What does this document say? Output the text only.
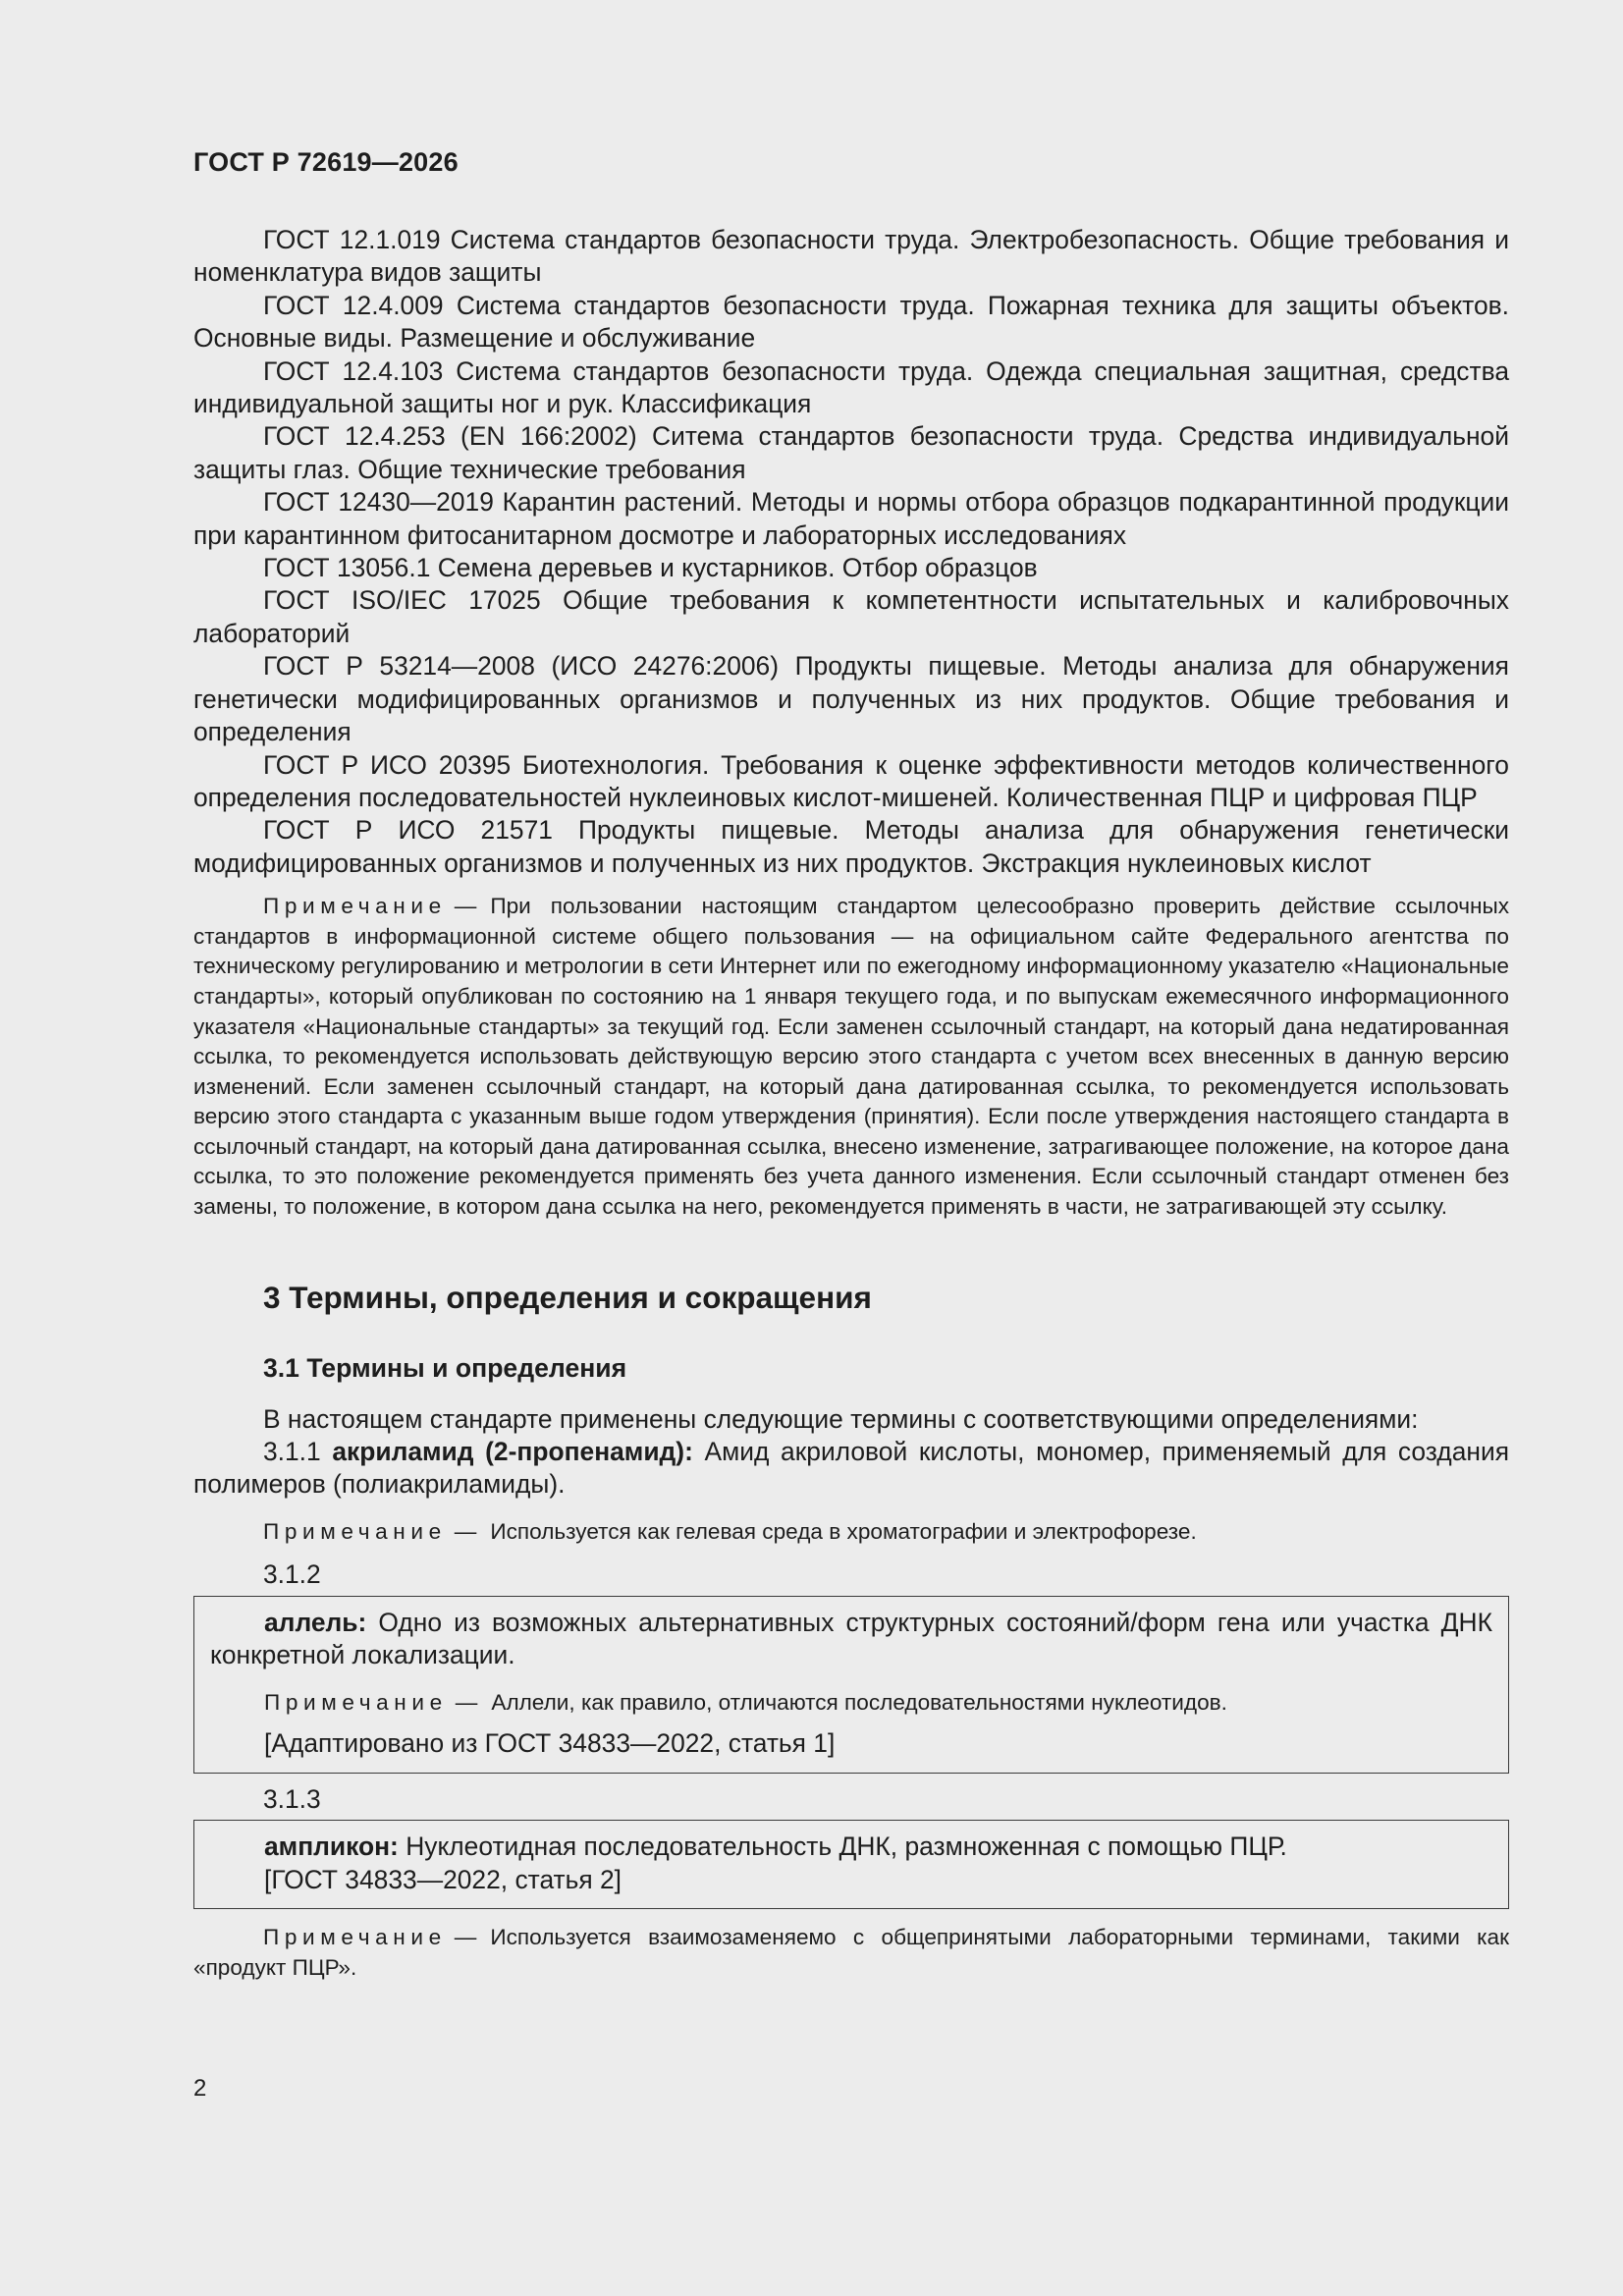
ГОСТ Р 72619—2026

ГОСТ 12.1.019 Система стандартов безопасности труда. Электробезопасность. Общие требования и номенклатура видов защиты

ГОСТ 12.4.009 Система стандартов безопасности труда. Пожарная техника для защиты объектов. Основные виды. Размещение и обслуживание

ГОСТ 12.4.103 Система стандартов безопасности труда. Одежда специальная защитная, средства индивидуальной защиты ног и рук. Классификация

ГОСТ 12.4.253 (EN 166:2002) Ситема стандартов безопасности труда. Средства индивидуальной защиты глаз. Общие технические требования

ГОСТ 12430—2019 Карантин растений. Методы и нормы отбора образцов подкарантинной продукции при карантинном фитосанитарном досмотре и лабораторных исследованиях

ГОСТ 13056.1 Семена деревьев и кустарников. Отбор образцов

ГОСТ ISO/IEC 17025 Общие требования к компетентности испытательных и калибровочных лабораторий

ГОСТ Р 53214—2008 (ИСО 24276:2006) Продукты пищевые. Методы анализа для обнаружения генетически модифицированных организмов и полученных из них продуктов. Общие требования и определения

ГОСТ Р ИСО 20395 Биотехнология. Требования к оценке эффективности методов количественного определения последовательностей нуклеиновых кислот-мишеней. Количественная ПЦР и цифровая ПЦР

ГОСТ Р ИСО 21571 Продукты пищевые. Методы анализа для обнаружения генетически модифицированных организмов и полученных из них продуктов. Экстракция нуклеиновых кислот

Примечание — При пользовании настоящим стандартом целесообразно проверить действие ссылочных стандартов в информационной системе общего пользования — на официальном сайте Федерального агентства по техническому регулированию и метрологии в сети Интернет или по ежегодному информационному указателю «Национальные стандарты», который опубликован по состоянию на 1 января текущего года, и по выпускам ежемесячного информационного указателя «Национальные стандарты» за текущий год. Если заменен ссылочный стандарт, на который дана недатированная ссылка, то рекомендуется использовать действующую версию этого стандарта с учетом всех внесенных в данную версию изменений. Если заменен ссылочный стандарт, на который дана датированная ссылка, то рекомендуется использовать версию этого стандарта с указанным выше годом утверждения (принятия). Если после утверждения настоящего стандарта в ссылочный стандарт, на который дана датированная ссылка, внесено изменение, затрагивающее положение, на которое дана ссылка, то это положение рекомендуется применять без учета данного изменения. Если ссылочный стандарт отменен без замены, то положение, в котором дана ссылка на него, рекомендуется применять в части, не затрагивающей эту ссылку.

3 Термины, определения и сокращения

3.1 Термины и определения

В настоящем стандарте применены следующие термины с соответствующими определениями:

3.1.1 акриламид (2-пропенамид): Амид акриловой кислоты, мономер, применяемый для создания полимеров (полиакриламиды).

Примечание — Используется как гелевая среда в хроматографии и электрофорезе.

3.1.2

аллель: Одно из возможных альтернативных структурных состояний/форм гена или участка ДНК конкретной локализации.

Примечание — Аллели, как правило, отличаются последовательностями нуклеотидов.

[Адаптировано из ГОСТ 34833—2022, статья 1]

3.1.3

ампликон: Нуклеотидная последовательность ДНК, размноженная с помощью ПЦР.

[ГОСТ 34833—2022, статья 2]

Примечание — Используется взаимозаменяемо с общепринятыми лабораторными терминами, такими как «продукт ПЦР».

2
